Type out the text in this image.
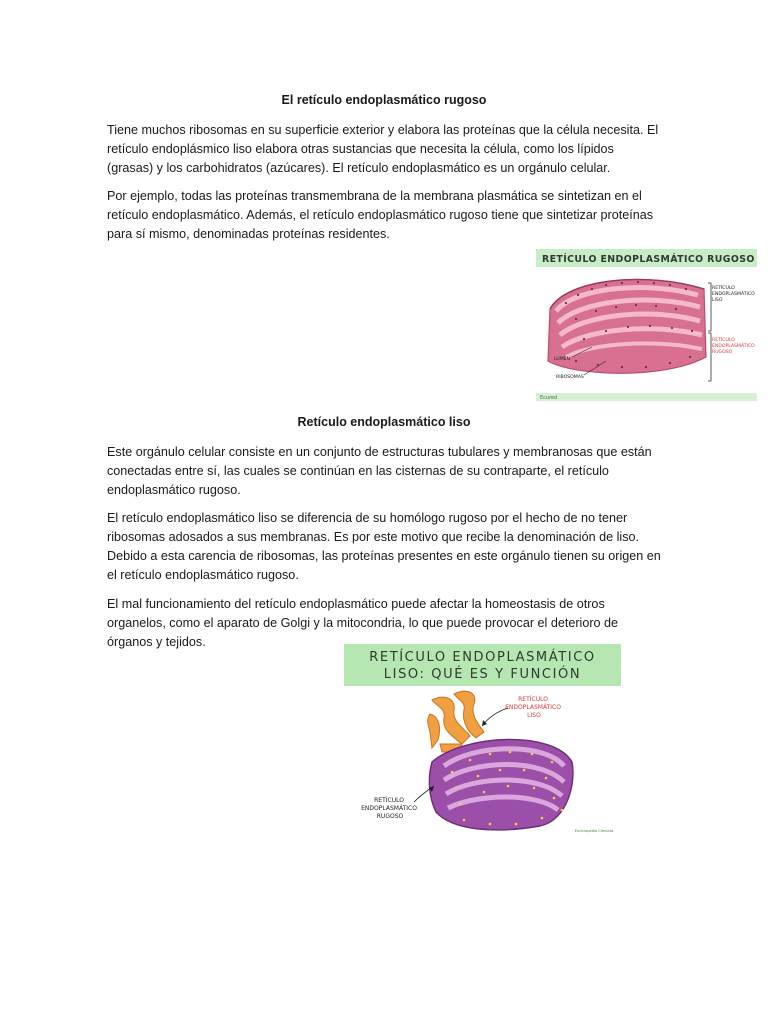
El retículo endoplasmático rugoso

Tiene muchos ribosomas en su superficie exterior y elabora las proteínas que la célula necesita. El retículo endoplásmico liso elabora otras sustancias que necesita la célula, como los lípidos (grasas) y los carbohidratos (azúcares). El retículo endoplasmático es un orgánulo celular.

Por ejemplo, todas las proteínas transmembrana de la membrana plasmática se sintetizan en el retículo endoplasmático. Además, el retículo endoplasmático rugoso tiene que sintetizar proteínas para sí mismo, denominadas proteínas residentes.

RETÍCULO ENDOPLASMÁTICO RUGOSO
RETÍCULO ENDOPLASMÁTICO LISO
RETÍCULO ENDOPLASMÁTICO RUGOSO
LUMEN
RIBOSOMAS
Ecured
Retículo endoplasmático liso

Este orgánulo celular consiste en un conjunto de estructuras tubulares y membranosas que están conectadas entre sí, las cuales se continúan en las cisternas de su contraparte, el retículo endoplasmático rugoso.

El retículo endoplasmático liso se diferencia de su homólogo rugoso por el hecho de no tener ribosomas adosados a sus membranas. Es por este motivo que recibe la denominación de liso. Debido a esta carencia de ribosomas, las proteínas presentes en este orgánulo tienen su origen en el retículo endoplasmático rugoso.

El mal funcionamiento del retículo endoplasmático puede afectar la homeostasis de otros organelos, como el aparato de Golgi y la mitocondria, lo que puede provocar el deterioro de órganos y tejidos.

RETÍCULO ENDOPLASMÁTICO
LISO: QUÉ ES Y FUNCIÓN
RETÍCULO ENDOPLASMÁTICO LISO
RETÍCULO ENDOPLASMÁTICO RUGOSO
Enciclopedia Ciencias
